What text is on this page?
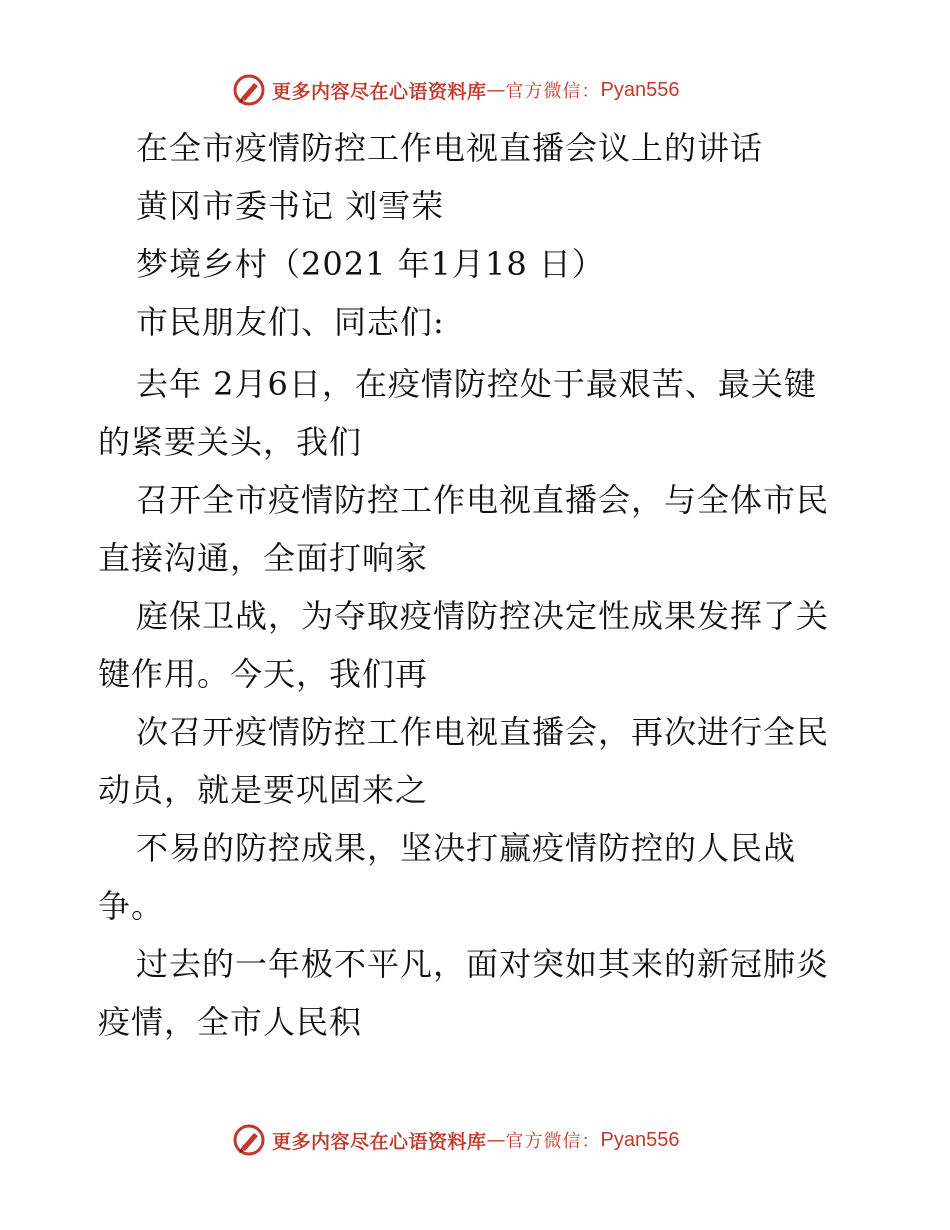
更多内容尽在心语资料库 — 官方微信： Pyan556
在全市疫情防控工作电视直播会议上的讲话
黄冈市委书记 刘雪荣
梦境乡村（2021 年1月18 日）
市民朋友们、同志们:
去年 2月6日，在疫情防控处于最艰苦、最关键
的紧要关头，我们
召开全市疫情防控工作电视直播会，与全体市民
直接沟通，全面打响家
庭保卫战，为夺取疫情防控决定性成果发挥了关
键作用。今天，我们再
次召开疫情防控工作电视直播会，再次进行全民
动员，就是要巩固来之
不易的防控成果，坚决打赢疫情防控的人民战
争。
过去的一年极不平凡，面对突如其来的新冠肺炎
疫情，全市人民积
更多内容尽在心语资料库 — 官方微信： Pyan556
